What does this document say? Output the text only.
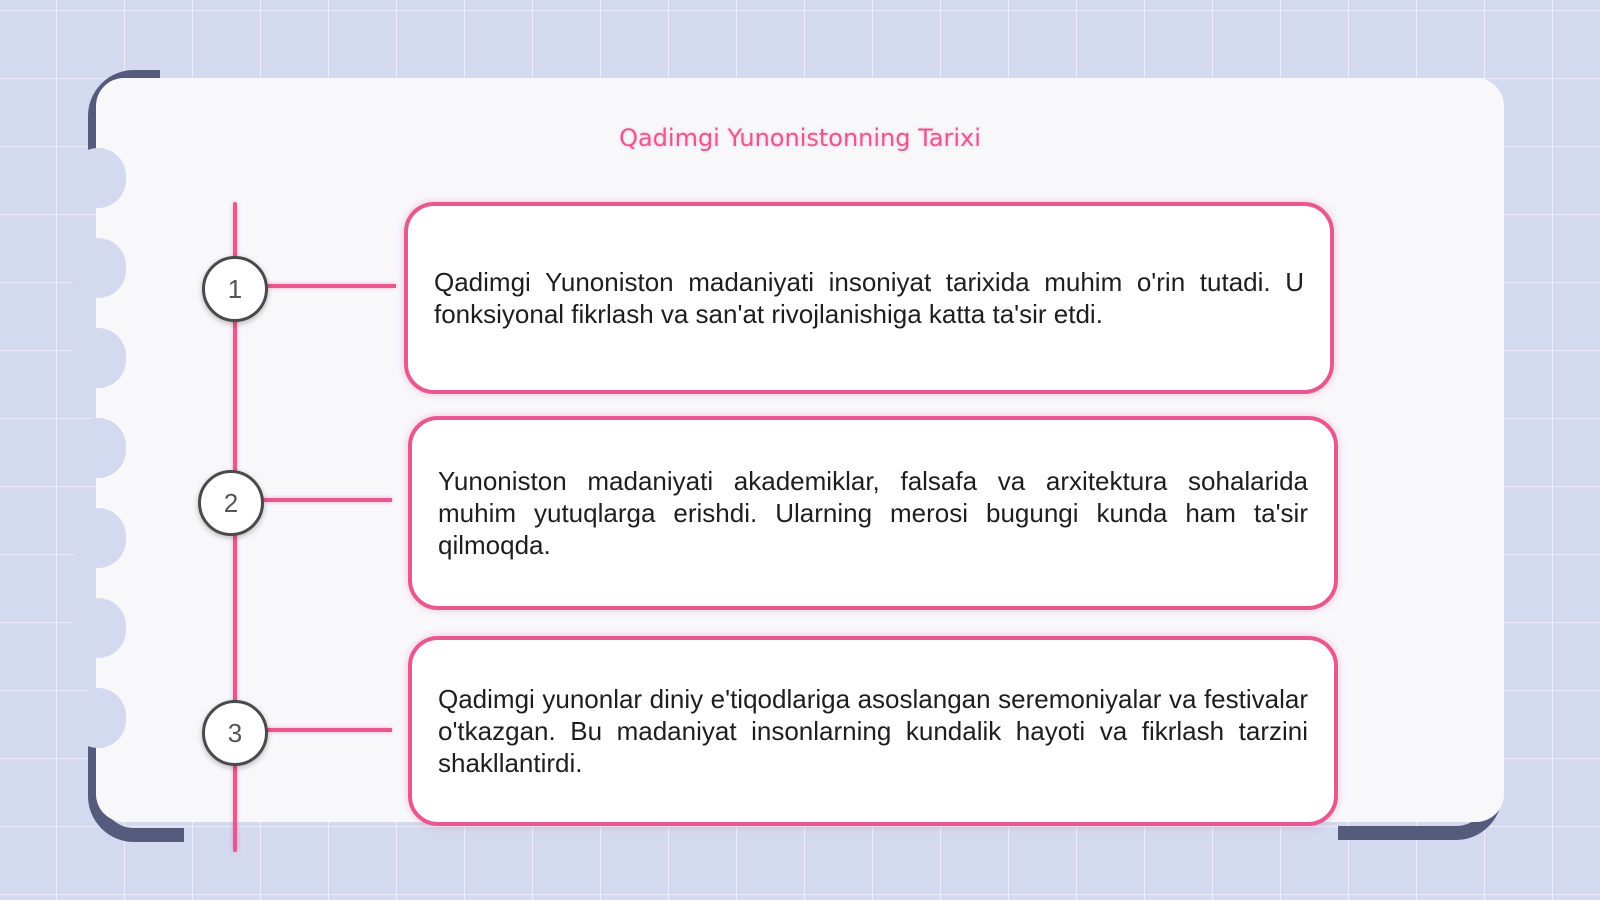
Qadimgi Yunonistonning Tarixi
1
2
3

Qadimgi Yunoniston madaniyati insoniyat tarixida muhim o'rin tutadi. U fonksiyonal fikrlash va san'at rivojlanishiga katta ta'sir etdi.

Yunoniston madaniyati akademiklar, falsafa va arxitektura sohalarida muhim yutuqlarga erishdi. Ularning merosi bugungi kunda ham ta'sir qilmoqda.

Qadimgi yunonlar diniy e'tiqodlariga asoslangan seremoniyalar va festivalar o'tkazgan. Bu madaniyat insonlarning kundalik hayoti va fikrlash tarzini shakllantirdi.
